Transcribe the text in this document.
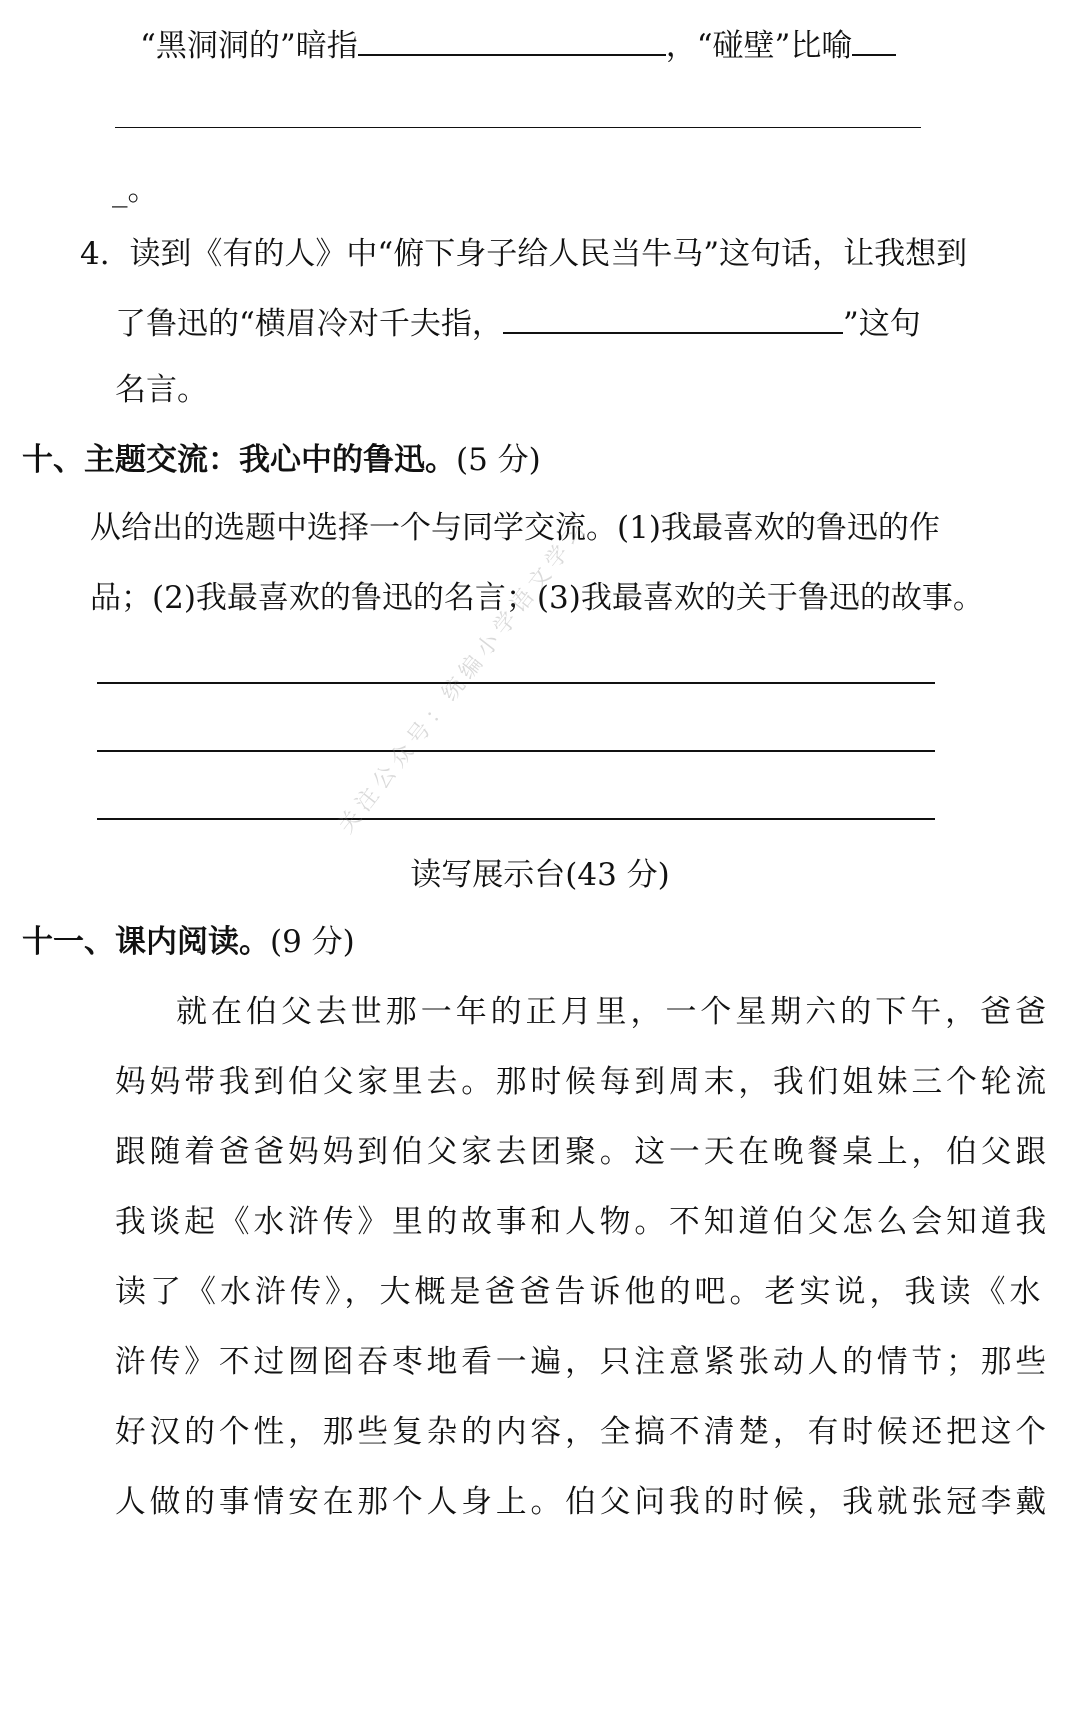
“黑洞洞的”暗指	，“碰壁”比喻
_。
4. 读到《有的人》中“俯下身子给人民当牛马”这句话，让我想到
了鲁迅的“横眉冷对千夫指，	”这句
名言。
十、主题交流：我心中的鲁迅。(5 分)
从给出的选题中选择一个与同学交流。(1)我最喜欢的鲁迅的作
品；(2)我最喜欢的鲁迅的名言；(3)我最喜欢的关于鲁迅的故事。
读写展示台(43 分)
十一、课内阅读。(9 分)
就在伯父去世那一年的正月里，一个星期六的下午，爸爸
妈妈带我到伯父家里去。那时候每到周末，我们姐妹三个轮流
跟随着爸爸妈妈到伯父家去团聚。这一天在晚餐桌上，伯父跟
我谈起《水浒传》里的故事和人物。不知道伯父怎么会知道我
读了《水浒传》，大概是爸爸告诉他的吧。老实说，我读《水
浒传》不过囫囵吞枣地看一遍，只注意紧张动人的情节；那些
好汉的个性，那些复杂的内容，全搞不清楚，有时候还把这个
人做的事情安在那个人身上。伯父问我的时候，我就张冠李戴
关注公众号：统编小学语文学习
